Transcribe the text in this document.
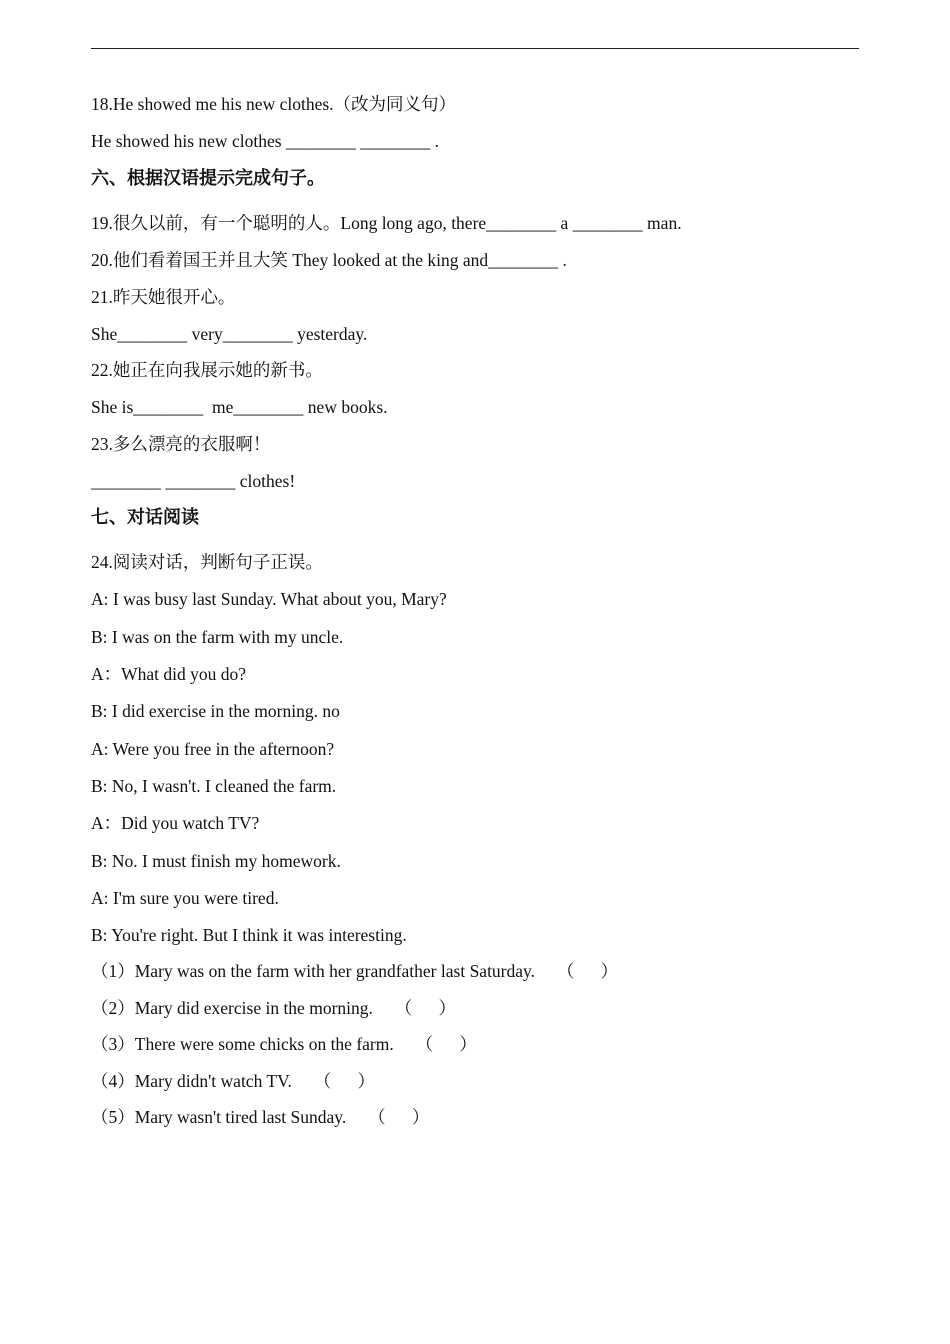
18.He showed me his new clothes.（改为同义句）
He showed his new clothes ________ ________ .
六、根据汉语提示完成句子。
19.很久以前，有一个聪明的人。Long long ago, there________ a ________ man.
20.他们看着国王并且大笑 They looked at the king and________ .
21.昨天她很开心。
She________ very________ yesterday.
22.她正在向我展示她的新书。
She is________  me________ new books.
23.多么漂亮的衣服啊！
________ ________ clothes!
七、对话阅读
24.阅读对话，判断句子正误。
A: I was busy last Sunday. What about you, Mary?
B: I was on the farm with my uncle.
A：What did you do?
B: I did exercise in the morning. no
A: Were you free in the afternoon?
B: No, I wasn't. I cleaned the farm.
A：Did you watch TV?
B: No. I must finish my homework.
A: I'm sure you were tired.
B: You're right. But I think it was interesting.
（1）Mary was on the farm with her grandfather last Saturday.     （      ）
（2）Mary did exercise in the morning.     （      ）
（3）There were some chicks on the farm.     （      ）
（4）Mary didn't watch TV.     （      ）
（5）Mary wasn't tired last Sunday.     （      ）
